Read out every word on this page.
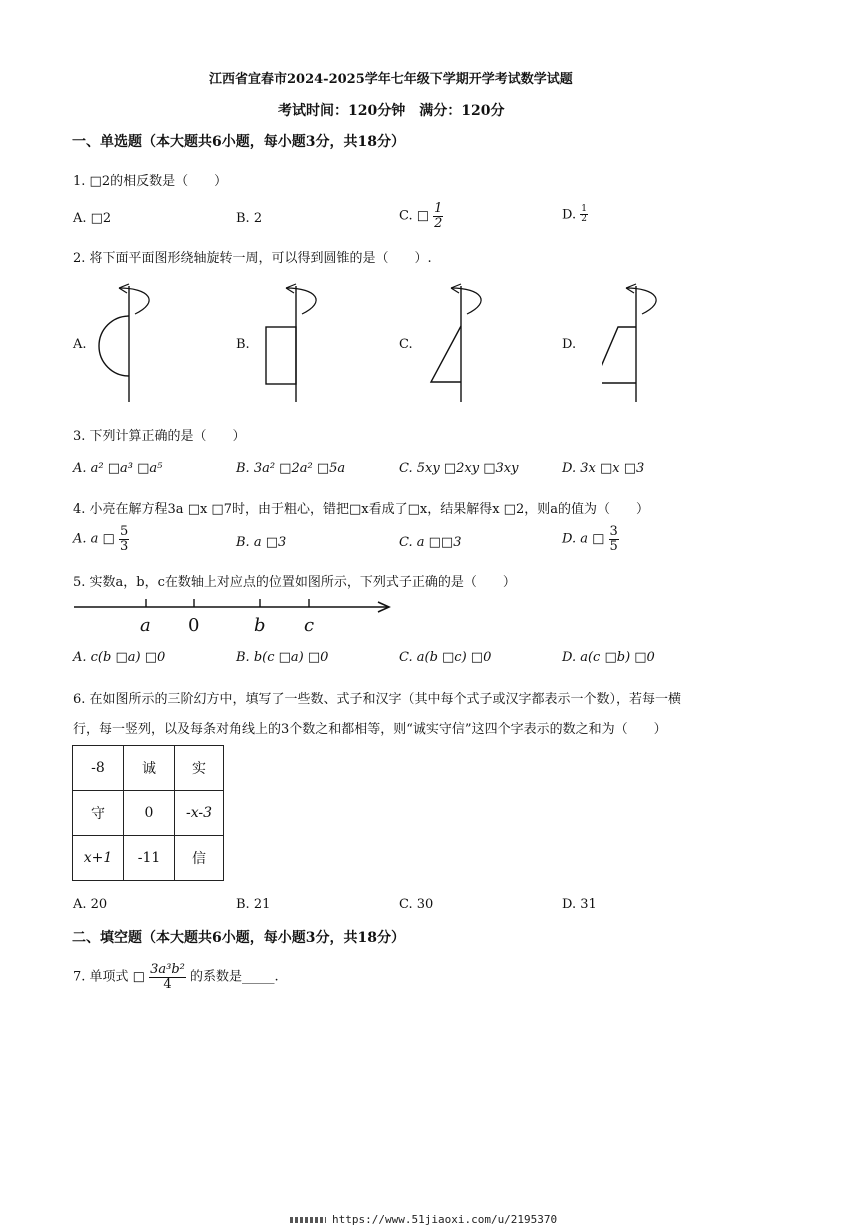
江西省宜春市2024-2025学年七年级下学期开学考试数学试题
考试时间：120分钟　满分：120分
一、单选题（本大题共6小题，每小题3分，共18分）
1. □2的相反数是（　　）
A. □2	B. 2	C. □ $\frac{1}{2}$	D. $\frac{1}{2}$
2. 将下面平面图形绕轴旋转一周，可以得到圆锥的是（　　）.
A.	B.	C.	D.
3. 下列计算正确的是（　　）
A. a² □a³ □a⁵	B. 3a² □2a² □5a	C. 5xy □2xy □3xy	D. 3x □x □3
4. 小亮在解方程3a □x □7时，由于粗心，错把□x看成了□x，结果解得x □2，则a的值为（　　）
A. a □ $\frac{5}{3}$	B. a □3	C. a □□3	D. a □ $\frac{3}{5}$
5. 实数a，b，c在数轴上对应点的位置如图所示，下列式子正确的是（　　）
a 0	b c
A. c(b □a) □0	B. b(c □a) □0	C. a(b □c) □0	D. a(c □b) □0
6. 在如图所示的三阶幻方中，填写了一些数、式子和汉字（其中每个式子或汉字都表示一个数），若每一横
行，每一竖列，以及每条对角线上的3个数之和都相等，则“诚实守信”这四个字表示的数之和为（　　）
-8	诚	实
守	0	-x-3
x+1	-11	信
A. 20	B. 21	C. 30	D. 31
二、填空题（本大题共6小题，每小题3分，共18分）
7. 单项式 □ $\frac{\text{3a³b²}}{4}$ 的系数是_____.
https://www.51jiaoxi.com/u/2195370
